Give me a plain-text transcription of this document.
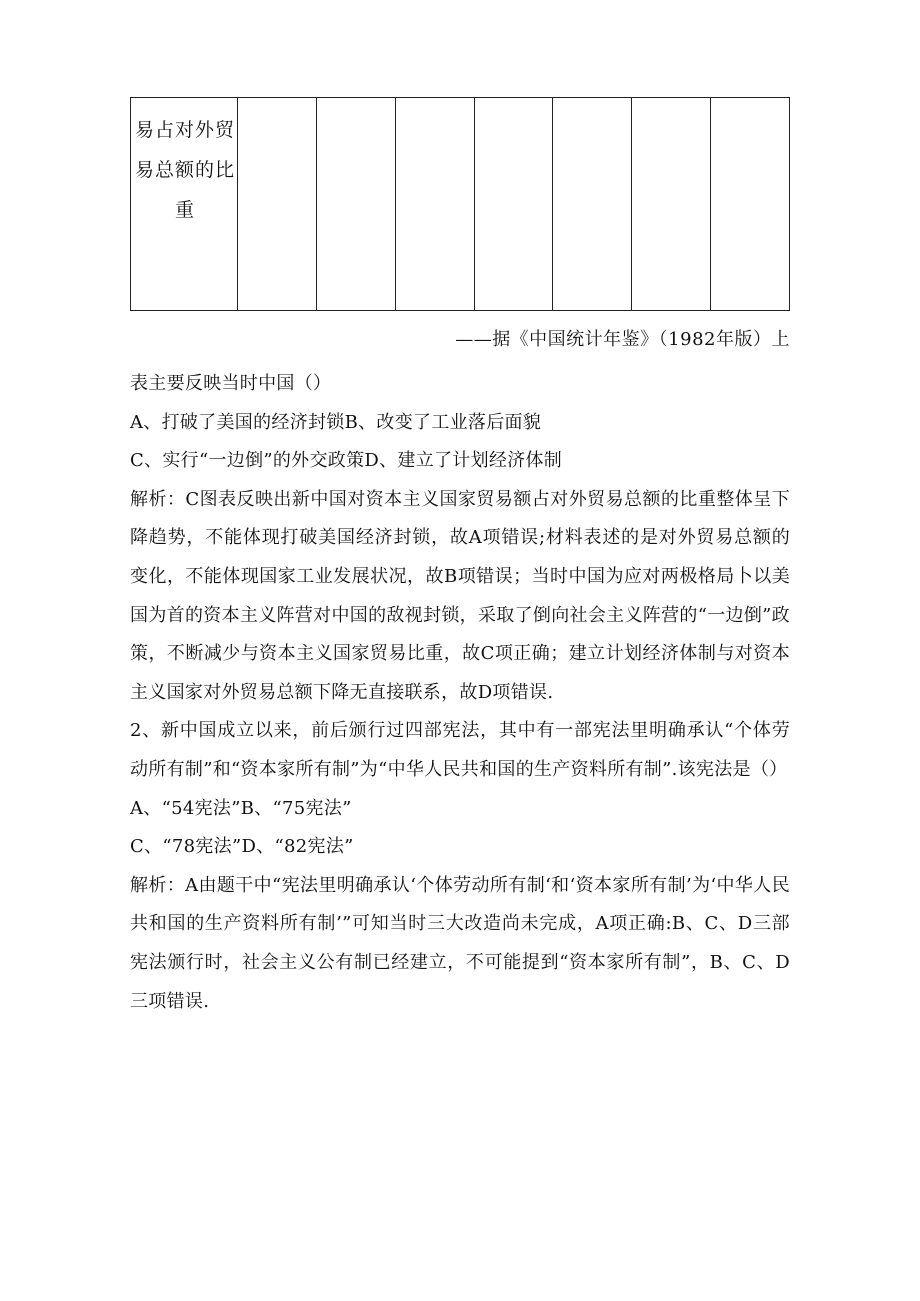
易占对外贸易总额的比重							
——据《中国统计年鉴》（1982年版）上

表主要反映当时中国（）

A、打破了美国的经济封锁B、改变了工业落后面貌

C、实行“一边倒”的外交政策D、建立了计划经济体制

解析：C图表反映出新中国对资本主义国家贸易额占对外贸易总额的比重整体呈下降趋势，不能体现打破美国经济封锁，故A项错误;材料表述的是对外贸易总额的变化，不能体现国家工业发展状况，故B项错误；当时中国为应对两极格局卜以美国为首的资本主义阵营对中国的敌视封锁，采取了倒向社会主义阵营的“一边倒”政策，不断减少与资本主义国家贸易比重，故C项正确；建立计划经济体制与对资本主义国家对外贸易总额下降无直接联系，故D项错误.

2、新中国成立以来，前后颁行过四部宪法，其中有一部宪法里明确承认“个体劳动所有制”和“资本家所有制”为“中华人民共和国的生产资料所有制”.该宪法是（）

A、“54宪法”B、“75宪法”

C、“78宪法”D、“82宪法”

解析：A由题干中“宪法里明确承认‘个体劳动所有制‘和‘资本家所有制’为‘中华人民共和国的生产资料所有制’”可知当时三大改造尚未完成，A项正确:B、C、D三部宪法颁行时，社会主义公有制已经建立，不可能提到“资本家所有制”，B、C、D三项错误.
